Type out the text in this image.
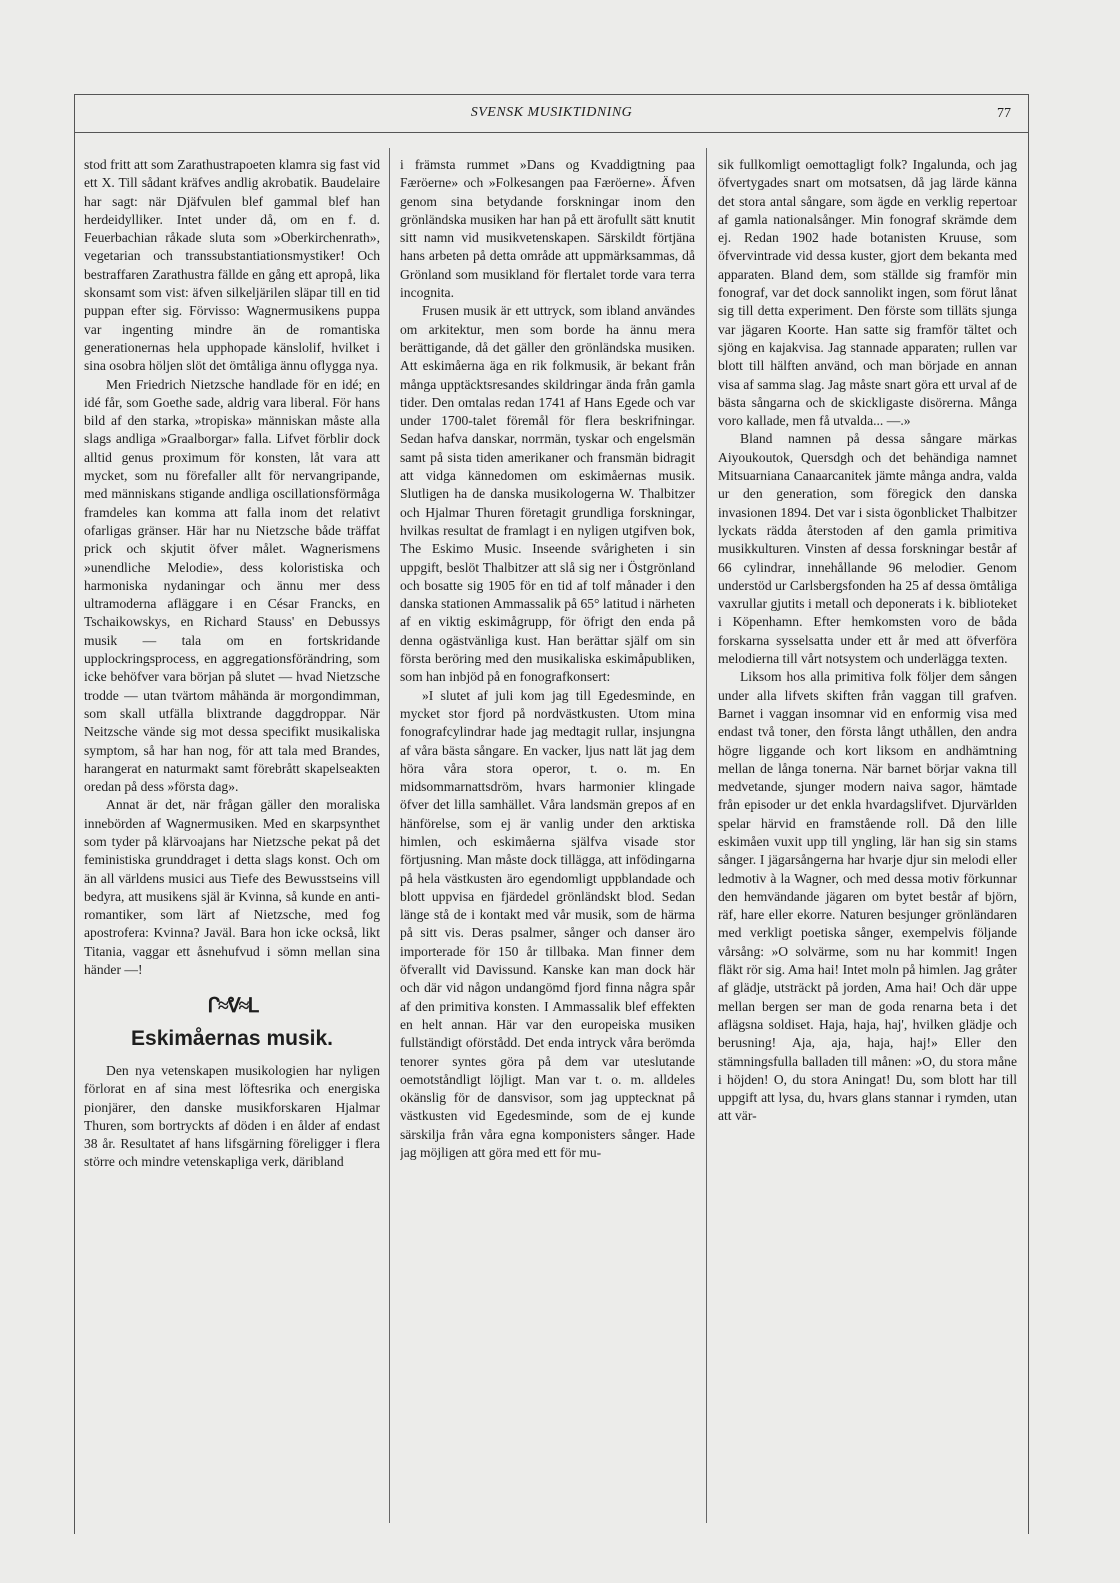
SVENSK MUSIKTIDNING	77

stod fritt att som Zarathustrapoeten klamra sig fast vid ett X. Till sådant kräfves andlig akrobatik. Baudelaire har sagt: när Djäfvulen blef gammal blef han herdeidylliker. Intet under då, om en f. d. Feuerbachian råkade sluta som »Oberkirchenrath», vegetarian och transsubstantiationsmystiker! Och bestraffaren Zarathustra fällde en gång ett apropå, lika skonsamt som vist: äfven silkeljärilen släpar till en tid puppan efter sig. Förvisso: Wagnermusikens puppa var ingenting mindre än de romantiska generationernas hela upphopade känslolif, hvilket i sina osobra höljen slöt det ömtåliga ännu oflygga nya.

Men Friedrich Nietzsche handlade för en idé; en idé får, som Goethe sade, aldrig vara liberal. För hans bild af den starka, »tropiska» människan måste alla slags andliga »Graalborgar» falla. Lifvet förblir dock alltid genus proximum för konsten, låt vara att myc͏ket, som nu förefaller allt för nervangripande, med människans stigande andliga oscillationsförmåga framdeles kan komma att falla inom det relativt ofarligas gränser. Här har nu Nietzsche både träffat prick och skjutit öfver målet. Wagnerismens »unendliche Melodie», dess koloristiska och harmoniska nydaningar och ännu mer dess ultramoderna afläggare i en César Francks, en Tschaikowskys, en Richard Stauss' en Debussys musik — tala om en fortskridande upplockringsprocess, en aggregationsförändring, som icke behöfver vara början på slutet — hvad Nietzsche trodde — utan tvärtom måhända är morgondimman, som skall utfälla blixtrande daggdroppar. När Neitzsche vände sig mot dessa specifikt musikaliska symptom, så har han nog, för att tala med Brandes, harangerat en naturmakt samt förebrått skapelseakten oredan på dess »första dag».

Annat är det, när frågan gäller den moraliska innebörden af Wagnermusiken. Med en skarpsynthet som tyder på klärvoajans har Nietzsche pekat på det feministiska grunddraget i detta slags konst. Och om än all världens musici aus Tiefe des Bewusstseins vill bedyra, att musikens själ är Kvinna, så kunde en anti-romantiker, som lärt af Nietzsche, med fog apostrofera: Kvinna? Javäl. Bara hon icke också, likt Titania, vaggar ett åsnehufvud i sömn mellan sina händer —!

ᒋ≈ᕓ≈ᒪ
Eskimåernas musik.

Den nya vetenskapen musikologien har nyligen förlorat en af sina mest löftesrika och energiska pionjärer, den danske musikforskaren Hjalmar Thuren, som bortryckts af döden i en ålder af endast 38 år. Resultatet af hans lifsgärning föreligger i flera större och mindre vetenskapliga verk, däribland

i främsta rummet »Dans og Kvaddigtning paa Færöerne» och »Folkesangen paa Færöerne». Äfven genom sina betydande forskningar inom den grönländska musiken har han på ett ärofullt sätt knutit sitt namn vid musikvetenskapen. Särskildt förtjäna hans arbeten på detta område att uppmärksammas, då Grönland som musikland för flertalet torde vara terra incognita.

Frusen musik är ett uttryck, som ibland användes om arkitektur, men som borde ha ännu mera berättigande, då det gäller den grönländska musiken. Att eskimåerna äga en rik folkmusik, är bekant från många upptäcktsresandes skildringar ända från gamla tider. Den omtalas redan 1741 af Hans Egede och var under 1700-talet föremål för flera beskrifningar. Sedan hafva danskar, norrmän, tyskar och engelsmän samt på sista tiden amerikaner och fransmän bidragit att vidga kännedomen om eskimåernas musik. Slutligen ha de danska musikologerna W. Thalbitzer och Hjalmar Thuren företagit grundliga forskningar, hvilkas resultat de framlagt i en nyligen utgifven bok, The Eskimo Music. Inseende svårigheten i sin uppgift, beslöt Thalbitzer att slå sig ner i Östgrönland och bosatte sig 1905 för en tid af tolf månader i den danska stationen Ammassalik på 65° latitud i närheten af en viktig eskimågrupp, för öfrigt den enda på denna ogästvänliga kust. Han berättar själf om sin första beröring med den musikaliska eskimåpubliken, som han inbjöd på en fonografkonsert:

»I slutet af juli kom jag till Egedesminde, en mycket stor fjord på nordvästkusten. Utom mina fonografcylindrar hade jag medtagit rullar, insjungna af våra bästa sångare. En vacker, ljus natt lät jag dem höra våra stora operor, t. o. m. En midsommarnattsdröm, hvars harmonier klingade öfver det lilla samhället. Våra landsmän grepos af en hänförelse, som ej är vanlig under den arktiska himlen, och eskimåerna själfva visade stor förtjusning. Man måste dock tillägga, att infödingarna på hela västkusten äro egendomligt uppblandade och blott uppvisa en fjärdedel grönländskt blod. Sedan länge stå de i kontakt med vår musik, som de härma på sitt vis. Deras psalmer, sånger och danser äro importerade för 150 år tillbaka. Man finner dem öfverallt vid Davissund. Kanske kan man dock här och där vid någon undangömd fjord finna några spår af den primitiva konsten. I Ammassalik blef effekten en helt annan. Här var den europeiska musiken fullständigt oförstådd. Det enda intryck våra berömda tenorer syntes göra på dem var uteslutande oemotståndligt löjligt. Man var t. o. m. alldeles okänslig för de dansvisor, som jag upptecknat på västkusten vid Egedesminde, som de ej kunde särskilja från våra egna komponisters sånger. Hade jag möjligen att göra med ett för mu-

sik fullkomligt oemottagligt folk? Ingalunda, och jag öfvertygades snart om motsatsen, då jag lärde känna det stora antal sångare, som ägde en verklig repertoar af gamla nationalsånger. Min fonograf skrämde dem ej. Redan 1902 hade botanisten Kruuse, som öfvervintrade vid dessa kuster, gjort dem bekanta med apparaten. Bland dem, som ställde sig framför min fonograf, var det dock sannolikt ingen, som förut lånat sig till detta experiment. Den förste som tilläts sjunga var jägaren Koorte. Han satte sig framför tältet och sjöng en kajakvisa. Jag stannade apparaten; rullen var blott till hälften använd, och man började en annan visa af samma slag. Jag måste snart göra ett urval af de bästa sångarna och de skickligaste disörerna. Många voro kallade, men få utvalda... —.»

Bland namnen på dessa sångare märkas Aiyoukoutok, Quersdgh och det behändiga namnet Mitsuarniana Canaarcanitek jämte många andra, valda ur den generation, som föregick den danska invasionen 1894. Det var i sista ögonblicket Thalbitzer lyckats rädda återstoden af den gamla primitiva musikkulturen. Vinsten af dessa forskningar består af 66 cylindrar, innehållande 96 melodier. Genom understöd ur Carlsbergsfonden ha 25 af dessa ömtåliga vaxrullar gjutits i metall och deponerats i k. biblioteket i Köpenhamn. Efter hemkomsten voro de båda forskarna sysselsatta under ett år med att öfverföra melodierna till vårt notsystem och underlägga texten.

Liksom hos alla primitiva folk följer dem sången under alla lifvets skiften från vaggan till grafven. Barnet i vaggan insomnar vid en enformig visa med endast två toner, den första långt uthållen, den andra högre liggande och kort liksom en andhämtning mellan de långa tonerna. När barnet börjar vakna till medvetande, sjunger modern naiva sagor, hämtade från episoder ur det enkla hvardagslifvet. Djurvärlden spelar härvid en framstående roll. Då den lille eskimåen vuxit upp till yngling, lär han sig sin stams sånger. I jägarsångerna har hvarje djur sin melodi eller ledmotiv à la Wagner, och med dessa motiv förkunnar den hemvändande jägaren om bytet består af björn, räf, hare eller ekorre. Naturen besjunger grönländaren med verkligt poetiska sånger, exempelvis följande vårsång: »O solvärme, som nu har kommit! Ingen fläkt rör sig. Ama hai! Intet moln på himlen. Jag gråter af glädje, utsträckt på jorden, Ama hai! Och där uppe mellan bergen ser man de goda renarna beta i det aflägsna soldiset. Haja, haja, haj', hvilken glädje och berusning! Aja, aja, haja, haj!» Eller den stämningsfulla balladen till månen: »O, du stora måne i höjden! O, du stora Aningat! Du, som blott har till uppgift att lysa, du, hvars glans stannar i rymden, utan att vär-
